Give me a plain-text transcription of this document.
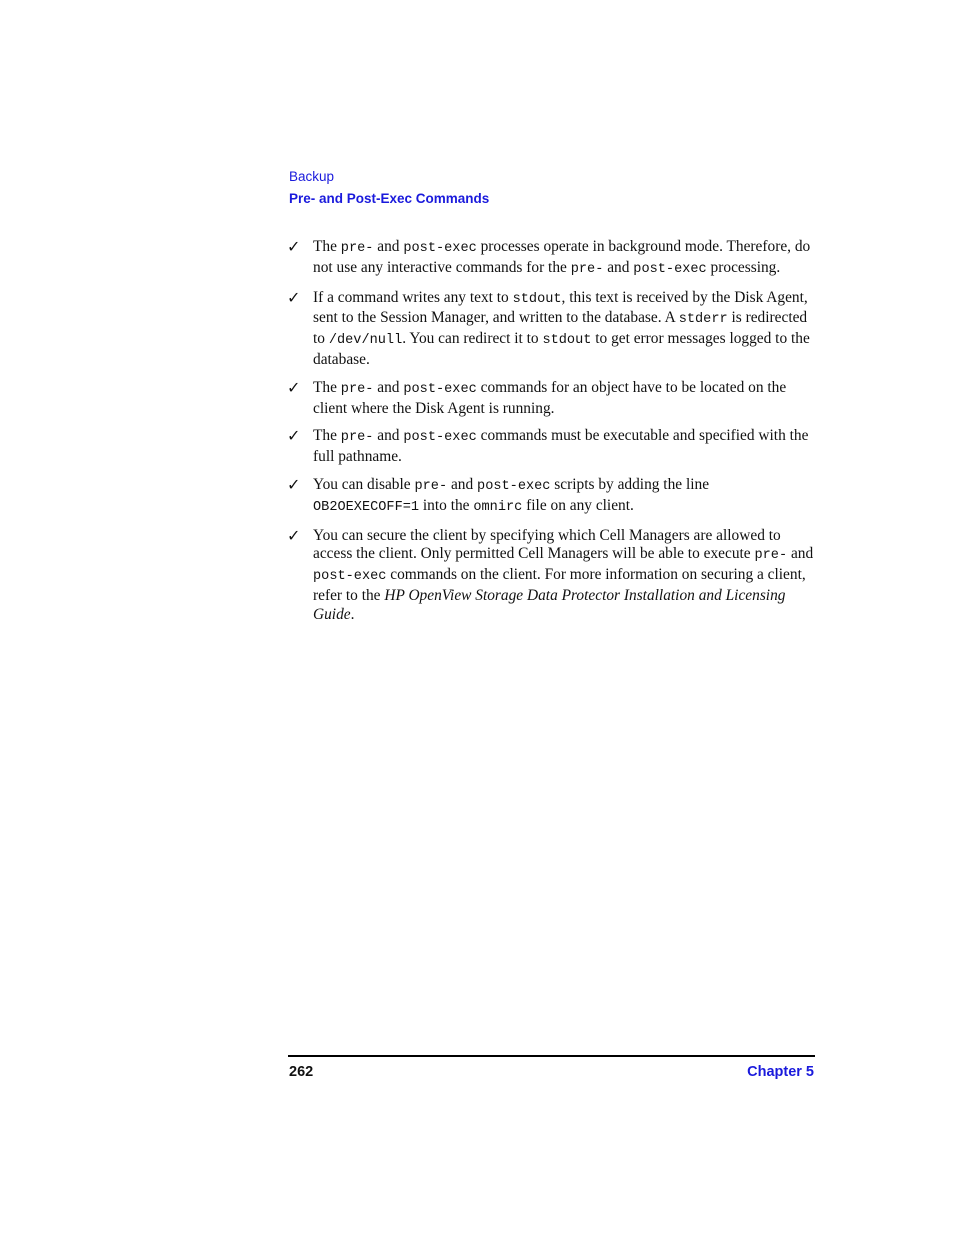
Backup
Pre- and Post-Exec Commands
✓ The pre- and post-exec processes operate in background mode. Therefore, do not use any interactive commands for the pre- and post-exec processing.
✓ If a command writes any text to stdout, this text is received by the Disk Agent, sent to the Session Manager, and written to the database. A stderr is redirected to /dev/null. You can redirect it to stdout to get error messages logged to the database.
✓ The pre- and post-exec commands for an object have to be located on the client where the Disk Agent is running.
✓ The pre- and post-exec commands must be executable and specified with the full pathname.
✓ You can disable pre- and post-exec scripts by adding the line OB2OEXECOFF=1 into the omnirc file on any client.
✓ You can secure the client by specifying which Cell Managers are allowed to access the client. Only permitted Cell Managers will be able to execute pre- and post-exec commands on the client. For more information on securing a client, refer to the HP OpenView Storage Data Protector Installation and Licensing Guide.
262	Chapter 5
